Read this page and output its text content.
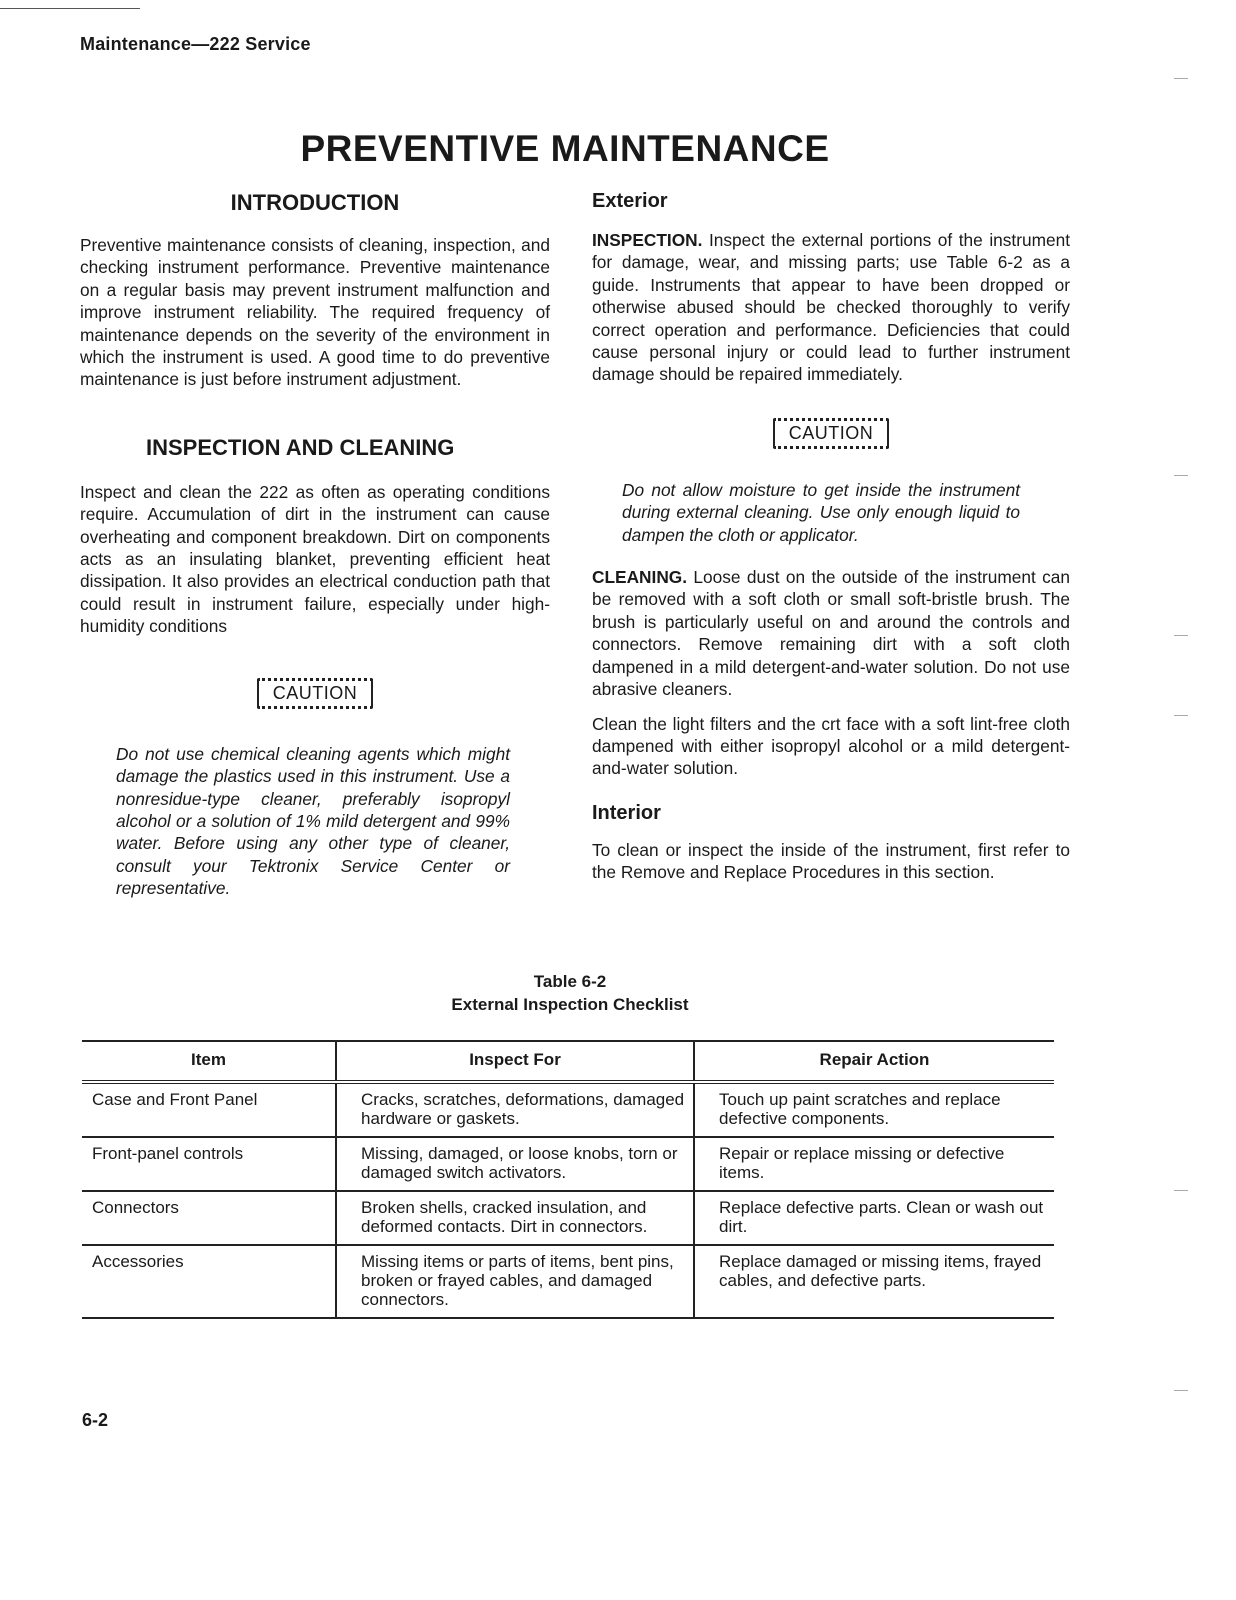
Maintenance—222 Service
PREVENTIVE MAINTENANCE
INTRODUCTION

Preventive maintenance consists of cleaning, inspection, and checking instrument performance. Preventive maintenance on a regular basis may prevent instrument malfunction and improve instrument reliability. The required frequency of maintenance depends on the severity of the environment in which the instrument is used. A good time to do preventive maintenance is just before instrument adjustment.

INSPECTION AND CLEANING

Inspect and clean the 222 as often as operating conditions require. Accumulation of dirt in the instrument can cause overheating and component breakdown. Dirt on components acts as an insulating blanket, preventing efficient heat dissipation. It also provides an electrical conduction path that could result in instrument failure, especially under high-humidity conditions

CAUTION

Do not use chemical cleaning agents which might damage the plastics used in this instrument. Use a nonresidue-type cleaner, preferably isopropyl alcohol or a solution of 1% mild detergent and 99% water. Before using any other type of cleaner, consult your Tektronix Service Center or representative.

Exterior

INSPECTION. Inspect the external portions of the instrument for damage, wear, and missing parts; use Table 6-2 as a guide. Instruments that appear to have been dropped or otherwise abused should be checked thoroughly to verify correct operation and performance. Deficiencies that could cause personal injury or could lead to further instrument damage should be repaired immediately.

CAUTION

Do not allow moisture to get inside the instrument during external cleaning. Use only enough liquid to dampen the cloth or applicator.

CLEANING. Loose dust on the outside of the instrument can be removed with a soft cloth or small soft-bristle brush. The brush is particularly useful on and around the controls and connectors. Remove remaining dirt with a soft cloth dampened in a mild detergent-and-water solution. Do not use abrasive cleaners.

Clean the light filters and the crt face with a soft lint-free cloth dampened with either isopropyl alcohol or a mild detergent-and-water solution.

Interior

To clean or inspect the inside of the instrument, first refer to the Remove and Replace Procedures in this section.

Table 6-2
External Inspection Checklist
Item	Inspect For	Repair Action
Case and Front Panel	Cracks, scratches, deformations, damaged hardware or gaskets.	Touch up paint scratches and replace defective components.
Front-panel controls	Missing, damaged, or loose knobs, torn or damaged switch activators.	Repair or replace missing or defective items.
Connectors	Broken shells, cracked insulation, and deformed contacts. Dirt in connectors.	Replace defective parts. Clean or wash out dirt.
Accessories	Missing items or parts of items, bent pins, broken or frayed cables, and damaged connectors.	Replace damaged or missing items, frayed cables, and defective parts.
6-2
